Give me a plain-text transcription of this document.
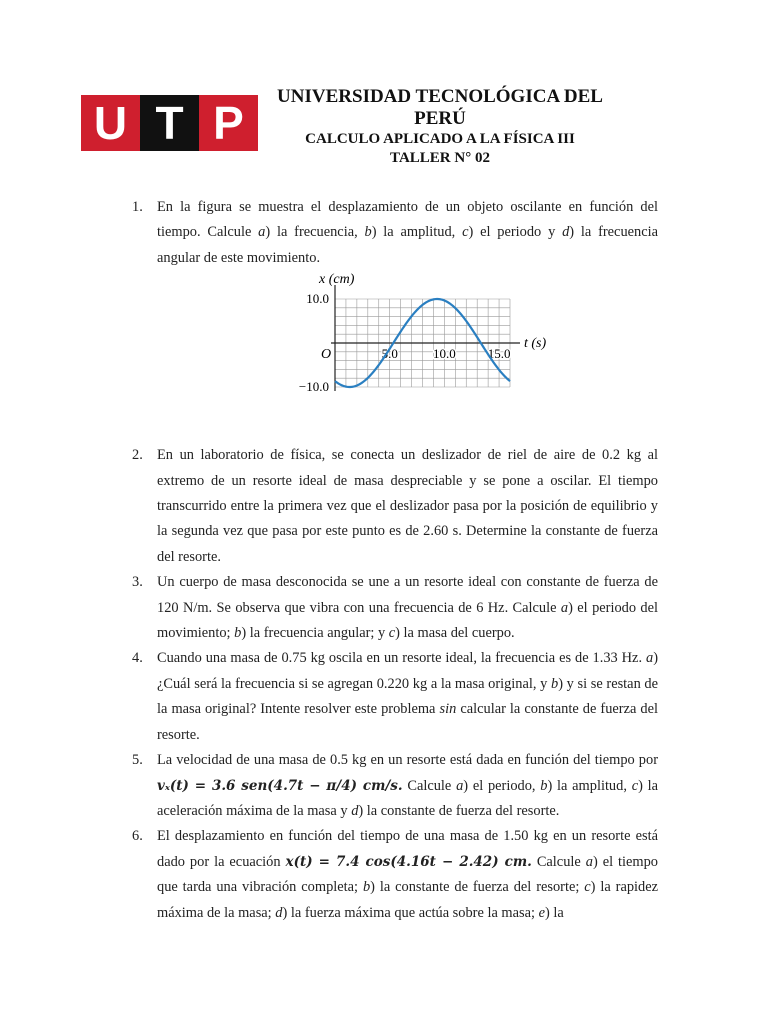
U T P
UNIVERSIDAD TECNOLÓGICA DEL PERÚ
CALCULO APLICADO A LA FÍSICA III
TALLER N° 02
1. En la figura se muestra el desplazamiento de un objeto oscilante en función del tiempo. Calcule a) la frecuencia, b) la amplitud, c) el periodo y d) la frecuencia angular de este movimiento.
x (cm)
t (s)
O
10.0
−10.0
5.0	10.0 15.0
2. En un laboratorio de física, se conecta un deslizador de riel de aire de 0.2 kg al extremo de un resorte ideal de masa despreciable y se pone a oscilar. El tiempo transcurrido entre la primera vez que el deslizador pasa por la posición de equilibrio y la segunda vez que pasa por este punto es de 2.60 s. Determine la constante de fuerza del resorte.
3. Un cuerpo de masa desconocida se une a un resorte ideal con constante de fuerza de 120 N/m. Se observa que vibra con una frecuencia de 6 Hz. Calcule a) el periodo del movimiento; b) la frecuencia angular; y c) la masa del cuerpo.
4. Cuando una masa de 0.75 kg oscila en un resorte ideal, la frecuencia es de 1.33 Hz. a) ¿Cuál será la frecuencia si se agregan 0.220 kg a la masa original, y b) y si se restan de la masa original? Intente resolver este problema sin calcular la constante de fuerza del resorte.
5. La velocidad de una masa de 0.5 kg en un resorte está dada en función del tiempo por vₓ(t) = 3.6 sen(4.7t − π/4) cm/s. Calcule a) el periodo, b) la amplitud, c) la aceleración máxima de la masa y d) la constante de fuerza del resorte.
6. El desplazamiento en función del tiempo de una masa de 1.50 kg en un resorte está dado por la ecuación x(t) = 7.4 cos(4.16t − 2.42) cm. Calcule a) el tiempo que tarda una vibración completa; b) la constante de fuerza del resorte; c) la rapidez máxima de la masa; d) la fuerza máxima que actúa sobre la masa; e) la
